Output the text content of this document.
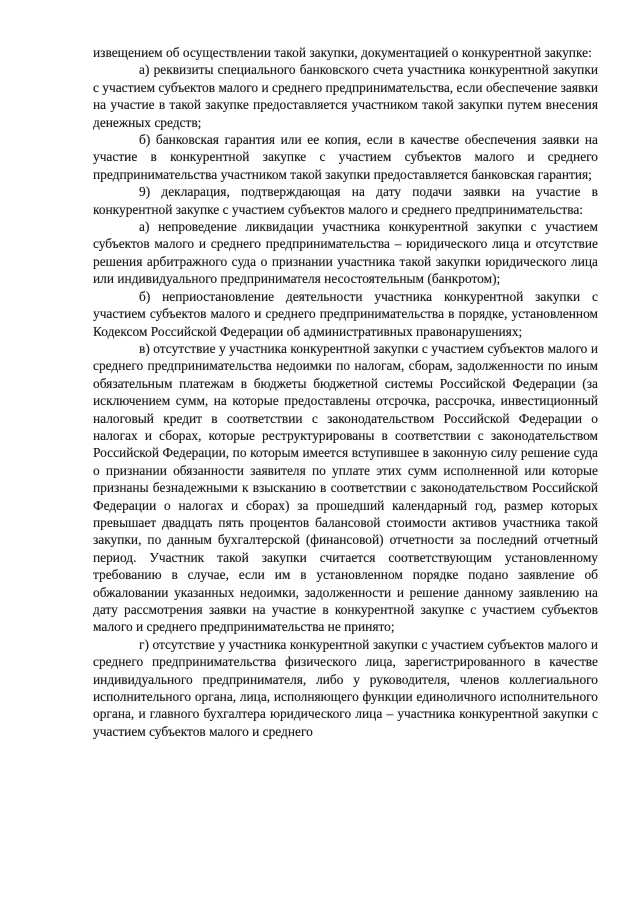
извещением об осуществлении такой закупки, документацией о конкурентной закупке:

а) реквизиты специального банковского счета участника конкурентной закупки с участием субъектов малого и среднего предпринимательства, если обеспечение заявки на участие в такой закупке предоставляется участником такой закупки путем внесения денежных средств;

б) банковская гарантия или ее копия, если в качестве обеспечения заявки на участие в конкурентной закупке с участием субъектов малого и среднего предпринимательства участником такой закупки предоставляется банковская гарантия;

9) декларация, подтверждающая на дату подачи заявки на участие в конкурентной закупке с участием субъектов малого и среднего предпринимательства:

а) непроведение ликвидации участника конкурентной закупки с участием субъектов малого и среднего предпринимательства – юридического лица и отсутствие решения арбитражного суда о признании участника такой закупки юридического лица или индивидуального предпринимателя несостоятельным (банкротом);

б) неприостановление деятельности участника конкурентной закупки с участием субъектов малого и среднего предпринимательства в порядке, установленном Кодексом Российской Федерации об административных правонарушениях;

в) отсутствие у участника конкурентной закупки с участием субъектов малого и среднего предпринимательства недоимки по налогам, сборам, задолженности по иным обязательным платежам в бюджеты бюджетной системы Российской Федерации (за исключением сумм, на которые предоставлены отсрочка, рассрочка, инвестиционный налоговый кредит в соответствии с законодательством Российской Федерации о налогах и сборах, которые реструктурированы в соответствии с законодательством Российской Федерации, по которым имеется вступившее в законную силу решение суда о признании обязанности заявителя по уплате этих сумм исполненной или которые признаны безнадежными к взысканию в соответствии с законодательством Российской Федерации о налогах и сборах) за прошедший календарный год, размер которых превышает двадцать пять процентов балансовой стоимости активов участника такой закупки, по данным бухгалтерской (финансовой) отчетности за последний отчетный период. Участник такой закупки считается соответствующим установленному требованию в случае, если им в установленном порядке подано заявление об обжаловании указанных недоимки, задолженности и решение данному заявлению на дату рассмотрения заявки на участие в конкурентной закупке с участием субъектов малого и среднего предпринимательства не принято;

г) отсутствие у участника конкурентной закупки с участием субъектов малого и среднего предпринимательства физического лица, зарегистрированного в качестве индивидуального предпринимателя, либо у руководителя, членов коллегиального исполнительного органа, лица, исполняющего функции единоличного исполнительного органа, и главного бухгалтера юридического лица – участника конкурентной закупки с участием субъектов малого и среднего
